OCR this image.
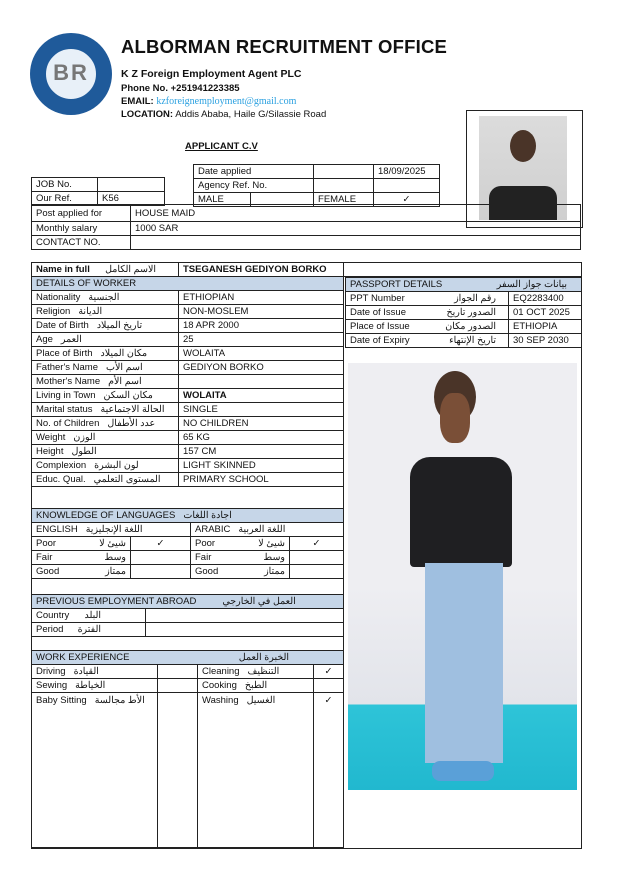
BR
ALBORMAN RECRUITMENT OFFICE
K Z Foreign Employment Agent PLC
Phone No. +251941223385
EMAIL: kzforeignemployment@gmail.com
LOCATION: Addis Ababa, Haile G/Silassie Road
APPLICANT C.V
Date applied			18/09/2025
Agency Ref. No.			
MALE		FEMALE	✓
JOB No.	
Our Ref.	K56
Post applied for	HOUSE MAID
Monthly salary	1000 SAR
CONTACT NO.	
Name in full الاسم الكامل	TSEGANESH GEDIYON BORKO
DETAILS OF WORKER	
Nationality الجنسية	ETHIOPIAN
Religion الديانة	NON-MOSLEM
Date of Birth تاريخ الميلاد	18 APR 2000
Age العمر	25
Place of Birth مكان الميلاد	WOLAITA
Father's Name اسم الأب	GEDIYON BORKO
Mother's Name اسم الأم	
Living in Town مكان السكن	WOLAITA
Marital status الحالة الاجتماعية	SINGLE
No. of Children عدد الأطفال	NO CHILDREN
Weight الوزن	65 KG
Height الطول	157 CM
Complexion لون البشرة	LIGHT SKINNED
Educ. Qual. المستوى التعلمي	PRIMARY SCHOOL
PASSPORT DETAILS بيانات جواز السفر	

PPT Number رقم الجواز	EQ2283400
Date of Issue الصدور تاريخ	01 OCT 2025
Place of Issue الصدور مكان	ETHIOPIA
Date of Expiry تاريخ الإنتهاء	30 SEP 2030
KNOWLEDGE OF LANGUAGES اجادة اللغات			
ENGLISH اللغة الإنجليزية		ARABIC اللغة العربية	
Poor شيئ لا	✓	Poor شيئ لا	✓
Fair وسط		Fair وسط	

Good ممتاز		Good ممتاز	

PREVIOUS EMPLOYMENT ABROAD العمل في الخارجي	
Country البلد	

Period الفترة	

WORK EXPERIENCE الخبرة العمل			

Driving القيادة		Cleaning التنظيف	✓
Sewing الخياطة		Cooking الطبخ	
Baby Sitting الأط مجالسة		Washing الغسيل	✓
